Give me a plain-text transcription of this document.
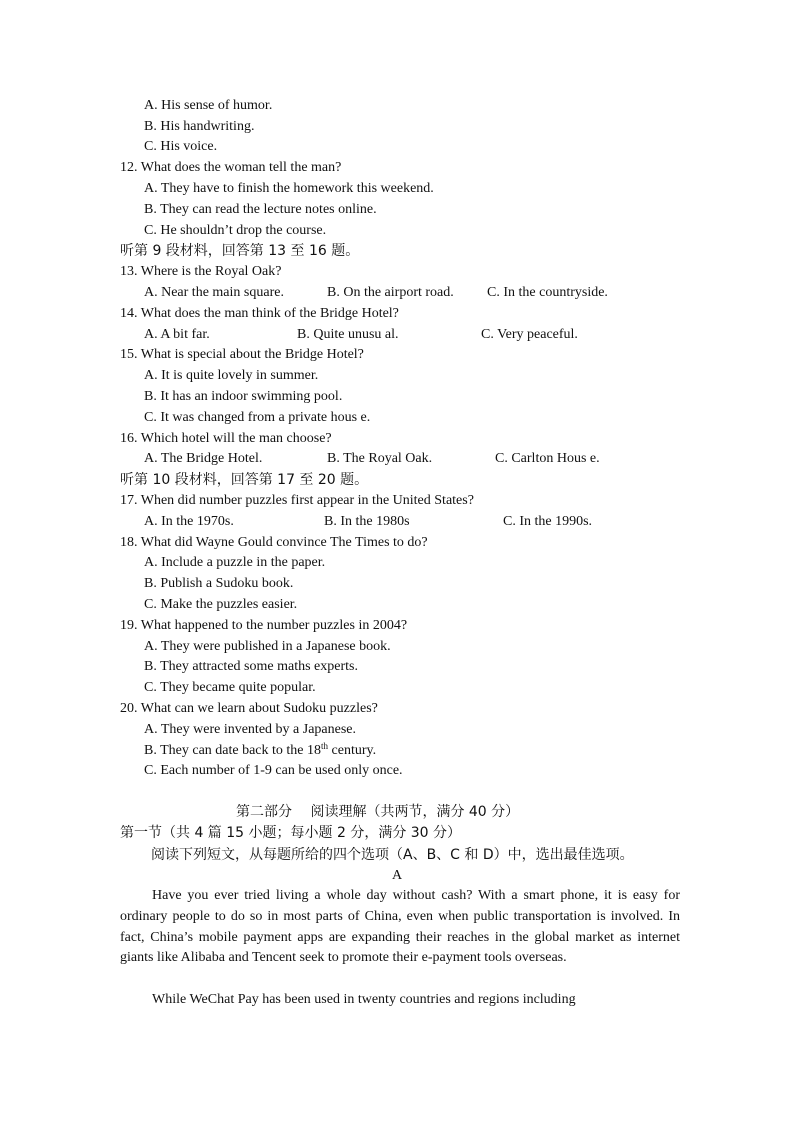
A. His sense of humor.
B. His handwriting.
C. His voice.
12. What does the woman tell the man?
A. They have to finish the homework this weekend.
B. They can read the lecture notes online.
C. He shouldn’t drop the course.
听第 9 段材料，回答第 13 至 16 题。
13. Where is the Royal Oak?
A. Near the main square.	B. On the airport road. C. In the countryside.
14. What does the man think of the Bridge Hotel?
A. A bit far.	B. Quite unusu al.	C. Very peaceful.
15. What is special about the Bridge Hotel?
A. It is quite lovely in summer.
B. It has an indoor swimming pool.
C. It was changed from a private hous e.
16. Which hotel will the man choose?
A. The Bridge Hotel.	B. The Royal Oak.	C. Carlton Hous e.
听第 10 段材料，回答第 17 至 20 题。
17. When did number puzzles first appear in the United States?
A. In the 1970s.	B. In the 1980s	C. In the 1990s.
18. What did Wayne Gould convince The Times to do?
A. Include a puzzle in the paper.
B. Publish a Sudoku book.
C. Make the puzzles easier.
19. What happened to the number puzzles in 2004?
A. They were published in a Japanese book.
B. They attracted some maths experts.
C. They became quite popular.
20. What can we learn about Sudoku puzzles?
A. They were invented by a Japanese.
B. They can date back to the 18th century.
C. Each number of 1-9 can be used only once.
第二部分　 阅读理解（共两节，满分 40 分）
第一节（共 4 篇 15 小题；每小题 2 分，满分 30 分）
阅读下列短文，从每题所给的四个选项（A、B、C 和 D）中，选出最佳选项。
A
Have you ever tried living a whole day without cash? With a smart phone, it is easy for ordinary people to do so in most parts of China, even when public transportation is involved. In fact, China’s mobile payment apps are expanding their reaches in the global market as internet giants like Alibaba and Tencent seek to promote their e-payment tools overseas.
While WeChat Pay has been used in twenty countries and regions including
